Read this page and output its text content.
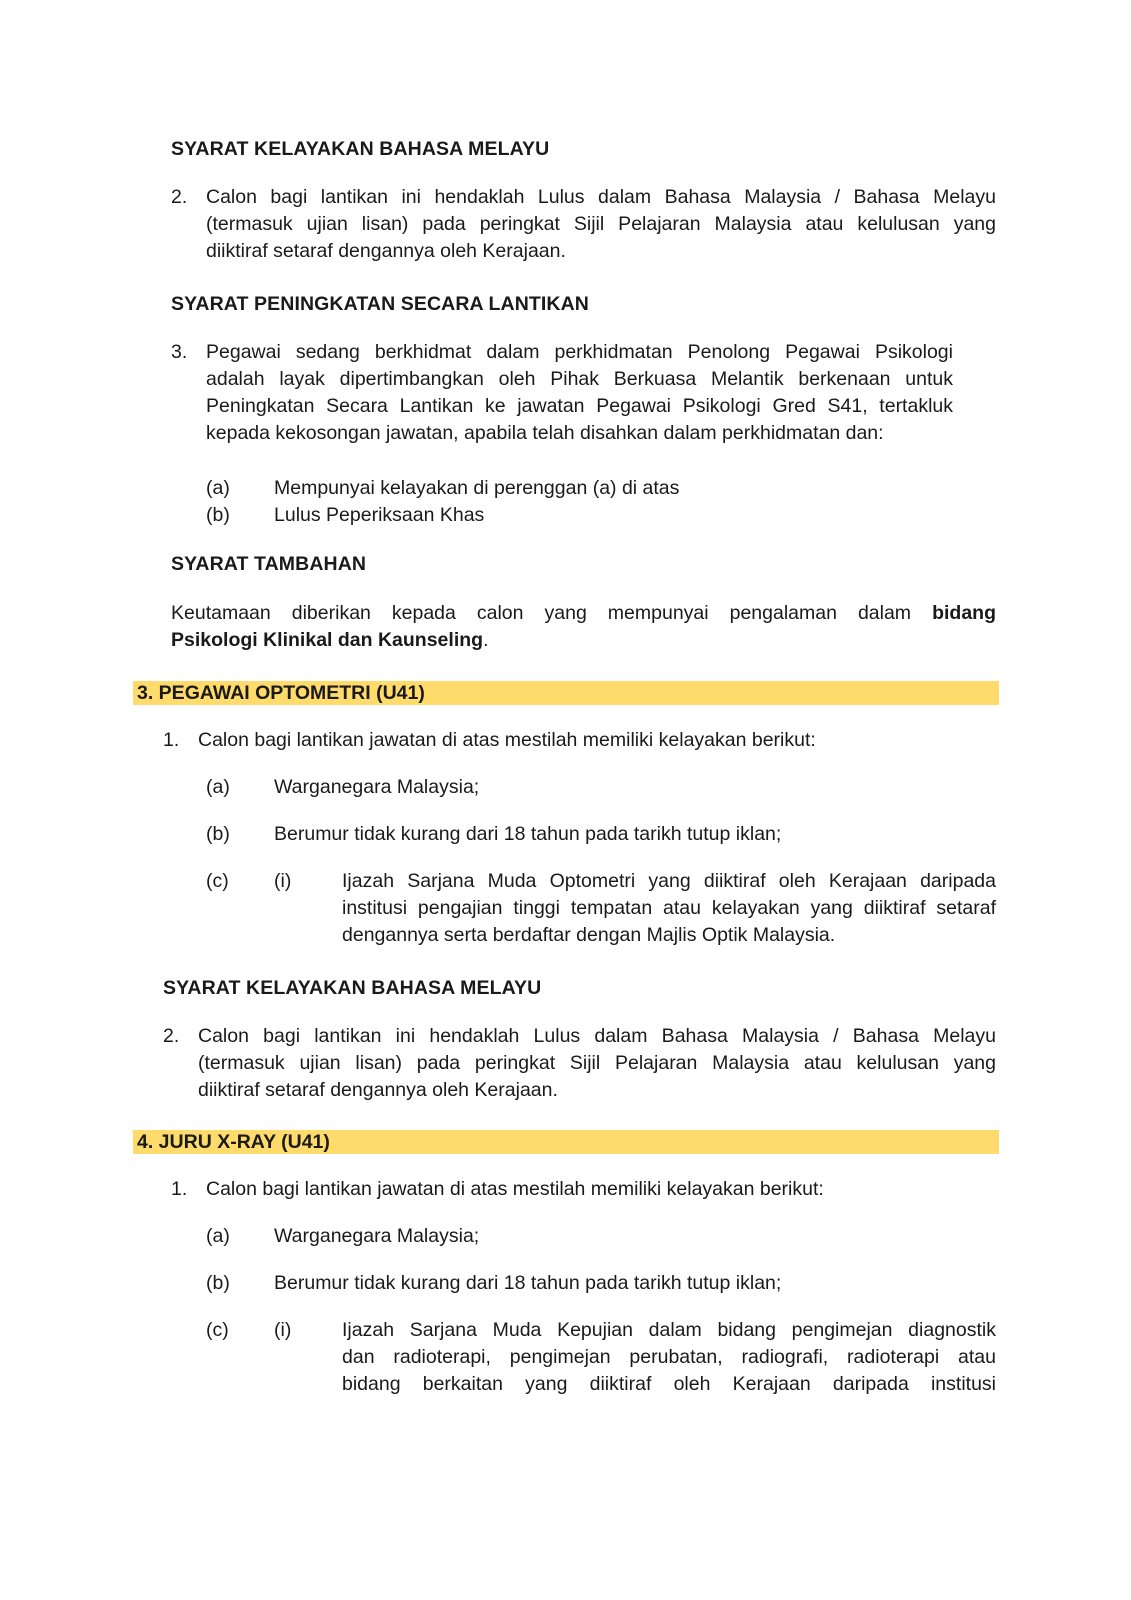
SYARAT KELAYAKAN BAHASA MELAYU

2. Calon bagi lantikan ini hendaklah Lulus dalam Bahasa Malaysia / Bahasa Melayu

(termasuk ujian lisan) pada peringkat Sijil Pelajaran Malaysia atau kelulusan yang

diiktiraf setaraf dengannya oleh Kerajaan.

SYARAT PENINGKATAN SECARA LANTIKAN

3. Pegawai sedang berkhidmat dalam perkhidmatan Penolong Pegawai Psikologi

adalah layak dipertimbangkan oleh Pihak Berkuasa Melantik berkenaan untuk

Peningkatan Secara Lantikan ke jawatan Pegawai Psikologi Gred S41, tertakluk

kepada kekosongan jawatan, apabila telah disahkan dalam perkhidmatan dan:

(a) Mempunyai kelayakan di perenggan (a) di atas
(b) Lulus Peperiksaan Khas

SYARAT TAMBAHAN

Keutamaan diberikan kepada calon yang mempunyai pengalaman dalam bidang

Psikologi Klinikal dan Kaunseling.

3. PEGAWAI OPTOMETRI (U41)
1. Calon bagi lantikan jawatan di atas mestilah memiliki kelayakan berikut:

(a) Warganegara Malaysia;
(b) Berumur tidak kurang dari 18 tahun pada tarikh tutup iklan;
(c) (i)	Ijazah Sarjana Muda Optometri yang diiktiraf oleh Kerajaan daripada

institusi pengajian tinggi tempatan atau kelayakan yang diiktiraf setaraf

dengannya serta berdaftar dengan Majlis Optik Malaysia.

SYARAT KELAYAKAN BAHASA MELAYU

2. Calon bagi lantikan ini hendaklah Lulus dalam Bahasa Malaysia / Bahasa Melayu

(termasuk ujian lisan) pada peringkat Sijil Pelajaran Malaysia atau kelulusan yang

diiktiraf setaraf dengannya oleh Kerajaan.

4. JURU X-RAY (U41)
1. Calon bagi lantikan jawatan di atas mestilah memiliki kelayakan berikut:

(a) Warganegara Malaysia;
(b) Berumur tidak kurang dari 18 tahun pada tarikh tutup iklan;
(c) (i)	Ijazah Sarjana Muda Kepujian dalam bidang pengimejan diagnostik

dan radioterapi, pengimejan perubatan, radiografi, radioterapi atau

bidang berkaitan yang diiktiraf oleh Kerajaan daripada institusi
